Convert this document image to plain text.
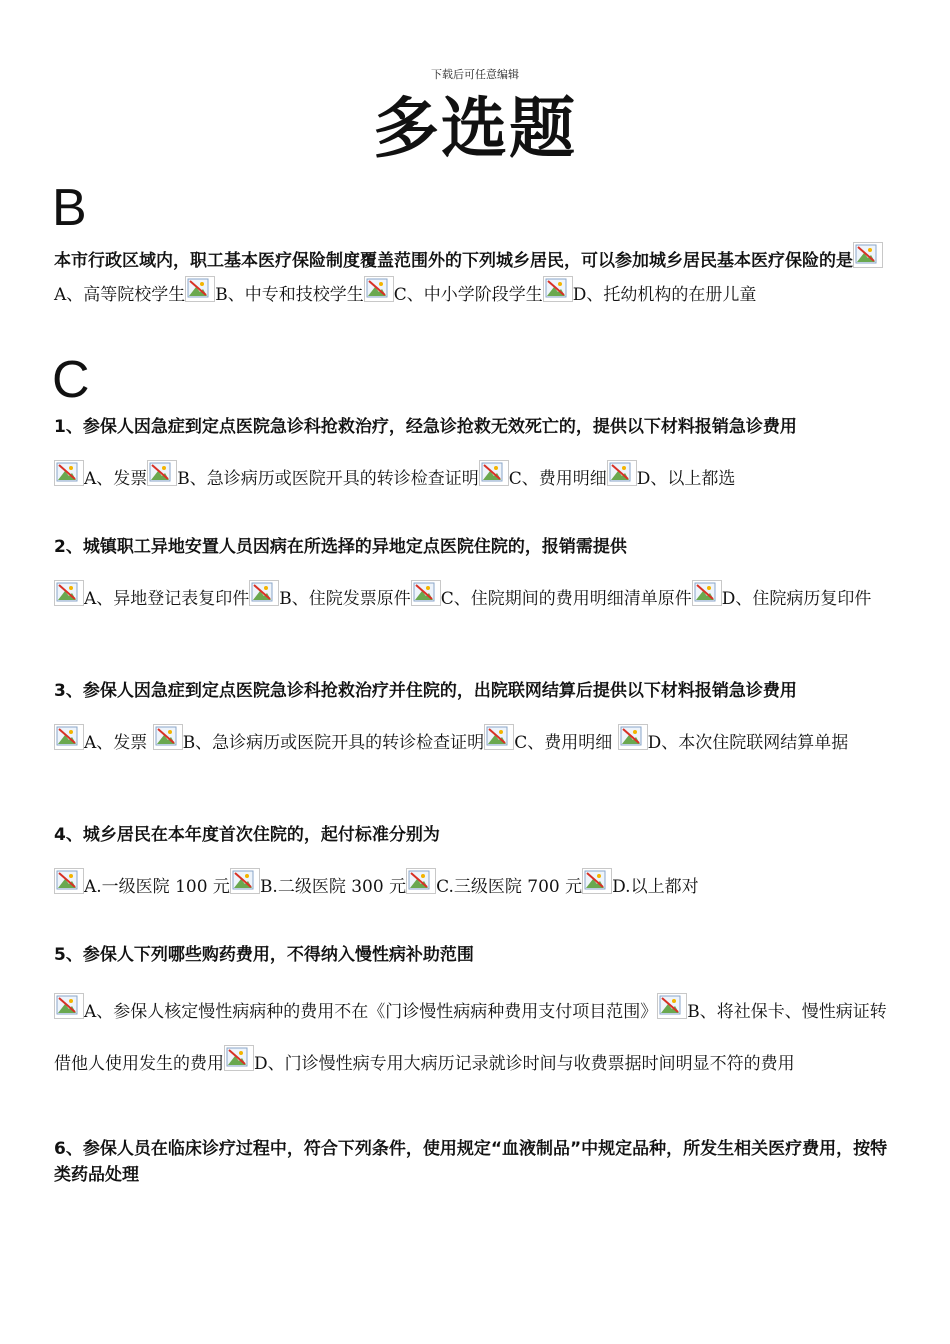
下载后可任意编辑
多选题
B
本市行政区域内，职工基本医疗保险制度覆盖范围外的下列城乡居民，可以参加城乡居民基本医疗保险的是
A、高等院校学生 B、中专和技校学生 C、中小学阶段学生 D、托幼机构的在册儿童
C
1、参保人因急症到定点医院急诊科抢救治疗，经急诊抢救无效死亡的，提供以下材料报销急诊费用
A、发票 B、急诊病历或医院开具的转诊检查证明 C、费用明细 D、以上都选
2、城镇职工异地安置人员因病在所选择的异地定点医院住院的，报销需提供
A、异地登记表复印件 B、住院发票原件 C、住院期间的费用明细清单原件 D、住院病历复印件
3、参保人因急症到定点医院急诊科抢救治疗并住院的，出院联网结算后提供以下材料报销急诊费用
A、发票
B、急诊病历或医院开具的转诊检查证明 C、费用明细
D、本次住院联网结算单据
4、城乡居民在本年度首次住院的，起付标准分别为
A.一级医院 100 元 B.二级医院 300 元 C.三级医院 700 元 D.以上都对
5、参保人下列哪些购药费用，不得纳入慢性病补助范围
A、参保人核定慢性病病种的费用不在《门诊慢性病病种费用支付项目范围》 B、将社保卡、慢性病证转借他人使用发生的费用 D、门诊慢性病专用大病历记录就诊时间与收费票据时间明显不符的费用
6、参保人员在临床诊疗过程中，符合下列条件，使用规定“血液制品”中规定品种，所发生相关医疗费用，按特类药品处理
